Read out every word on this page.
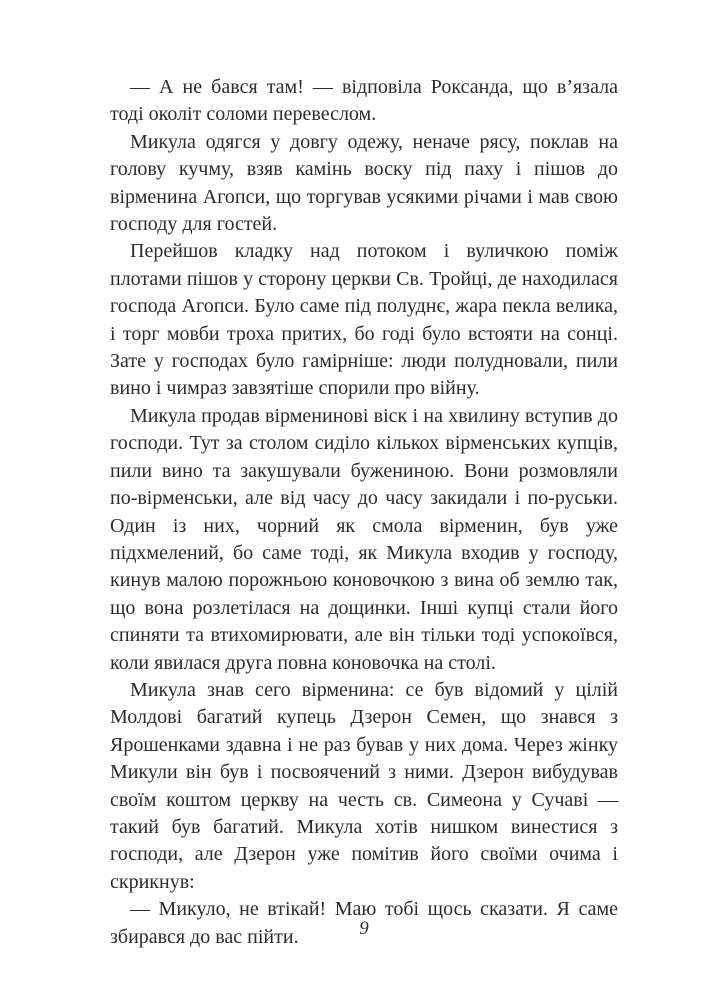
— А не бався там! — відповіла Роксанда, що в’язала тоді околіт соломи перевеслом.

Микула одягся у довгу одежу, неначе рясу, поклав на голову кучму, взяв камінь воску під паху і пішов до вірменина Агопси, що торгував усякими річами і мав свою господу для гостей.

Перейшов кладку над потоком і вуличкою поміж плотами пішов у сторону церкви Св. Тройці, де находилася господа Агопси. Було саме під полуднє, жара пекла велика, і торг мовби троха притих, бо годі було встояти на сонці. Зате у господах було гамірніше: люди полудновали, пили вино і чимраз завзятіше спорили про війну.

Микула продав вірменинові віск і на хвилину вступив до господи. Тут за столом сиділо кількох вірменських купців, пили вино та закушували бужениною. Вони розмовляли по-вірменськи, але від часу до часу закидали і по-руськи. Один із них, чорний як смола вірменин, був уже підхмелений, бо саме тоді, як Микула входив у господу, кинув малою порожньою коновочкою з вина об землю так, що вона розлетілася на дощинки. Інші купці стали його спиняти та втихомирювати, але він тільки тоді успокоївся, коли явилася друга повна коновочка на столі.

Микула знав сего вірменина: се був відомий у цілій Молдові багатий купець Дзерон Семен, що знався з Ярошенками здавна і не раз бував у них дома. Через жінку Микули він був і посвоячений з ними. Дзерон вибудував своїм коштом церкву на честь св. Симеона у Сучаві — такий був багатий. Микула хотів нишком винестися з господи, але Дзерон уже помітив його своїми очима і скрикнув:

— Микуло, не втікай! Маю тобі щось сказати. Я саме збирався до вас пійти.	9
